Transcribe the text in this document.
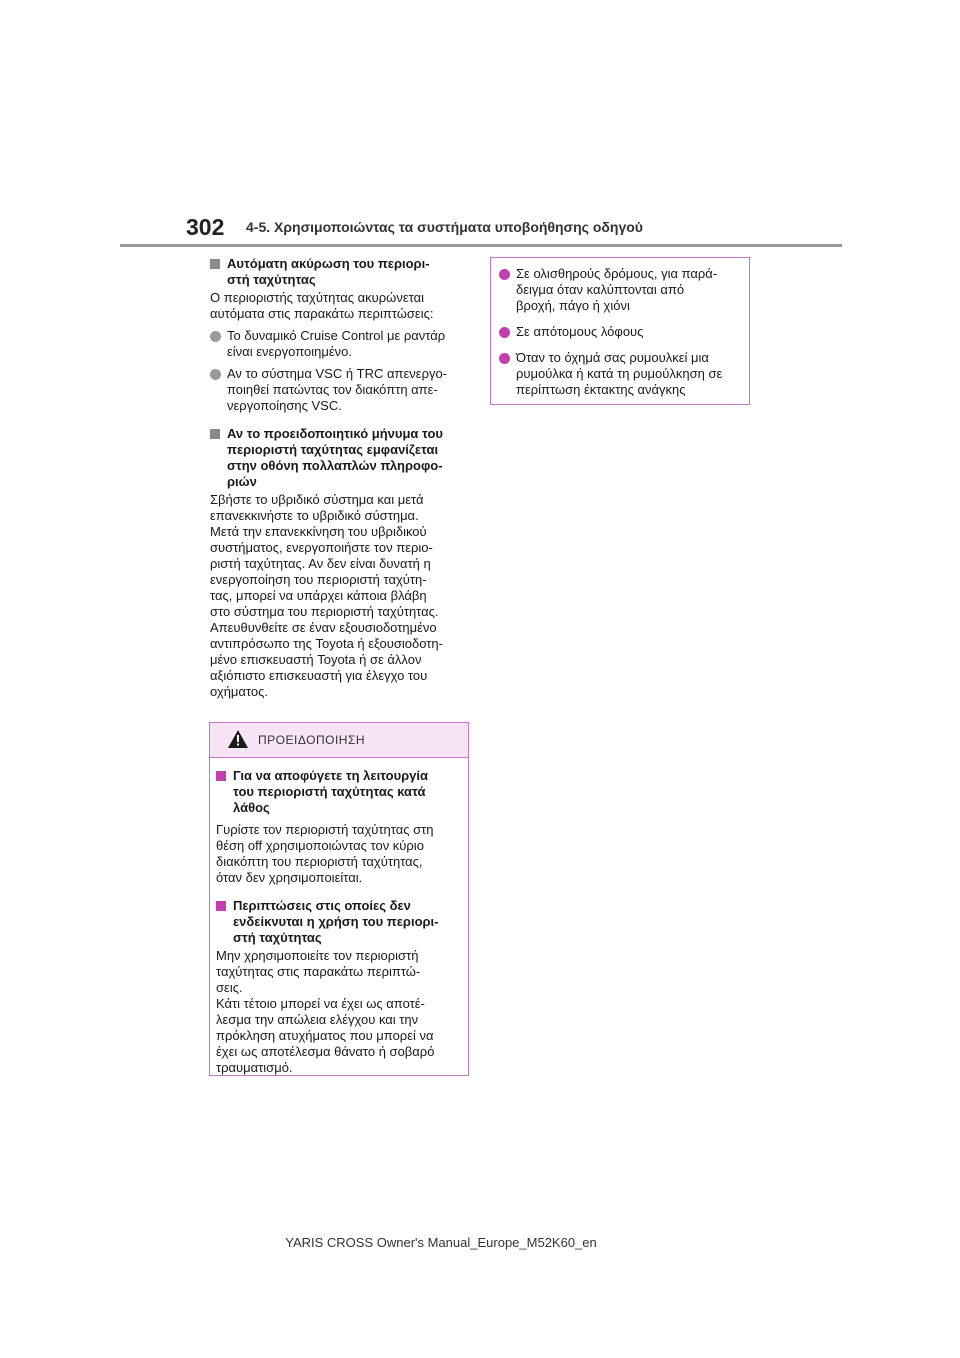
302 4-5. Χρησιμοποιώντας τα συστήματα υποβοήθησης οδηγού
Αυτόματη ακύρωση του περιορι-
στή ταχύτητας
Ο περιοριστής ταχύτητας ακυρώνεται
αυτόματα στις παρακάτω περιπτώσεις:
Το δυναμικό Cruise Control με ραντάρ
είναι ενεργοποιημένο.
Αν το σύστημα VSC ή TRC απενεργο-
ποιηθεί πατώντας τον διακόπτη απε-
νεργοποίησης VSC.
Αν το προειδοποιητικό μήνυμα του
περιοριστή ταχύτητας εμφανίζεται
στην οθόνη πολλαπλών πληροφο-
ριών
Σβήστε το υβριδικό σύστημα και μετά
επανεκκινήστε το υβριδικό σύστημα.
Μετά την επανεκκίνηση του υβριδικού
συστήματος, ενεργοποιήστε τον περιο-
ριστή ταχύτητας. Αν δεν είναι δυνατή η
ενεργοποίηση του περιοριστή ταχύτη-
τας, μπορεί να υπάρχει κάποια βλάβη
στο σύστημα του περιοριστή ταχύτητας.
Απευθυνθείτε σε έναν εξουσιοδοτημένο
αντιπρόσωπο της Toyota ή εξουσιοδοτη-
μένο επισκευαστή Toyota ή σε άλλον
αξιόπιστο επισκευαστή για έλεγχο του
οχήματος.
ΠΡΟΕΙΔΟΠΟΙΗΣΗ
Για να αποφύγετε τη λειτουργία
του περιοριστή ταχύτητας κατά
λάθος
Γυρίστε τον περιοριστή ταχύτητας στη
θέση off χρησιμοποιώντας τον κύριο
διακόπτη του περιοριστή ταχύτητας,
όταν δεν χρησιμοποιείται.
Περιπτώσεις στις οποίες δεν
ενδείκνυται η χρήση του περιορι-
στή ταχύτητας
Μην χρησιμοποιείτε τον περιοριστή
ταχύτητας στις παρακάτω περιπτώ-
σεις.
Κάτι τέτοιο μπορεί να έχει ως αποτέ-
λεσμα την απώλεια ελέγχου και την
πρόκληση ατυχήματος που μπορεί να
έχει ως αποτέλεσμα θάνατο ή σοβαρό
τραυματισμό.
Σε ολισθηρούς δρόμους, για παρά-
δειγμα όταν καλύπτονται από
βροχή, πάγο ή χιόνι
Σε απότομους λόφους
Όταν το όχημά σας ρυμουλκεί μια
ρυμούλκα ή κατά τη ρυμούλκηση σε
περίπτωση έκτακτης ανάγκης
YARIS CROSS Owner's Manual_Europe_M52K60_en
